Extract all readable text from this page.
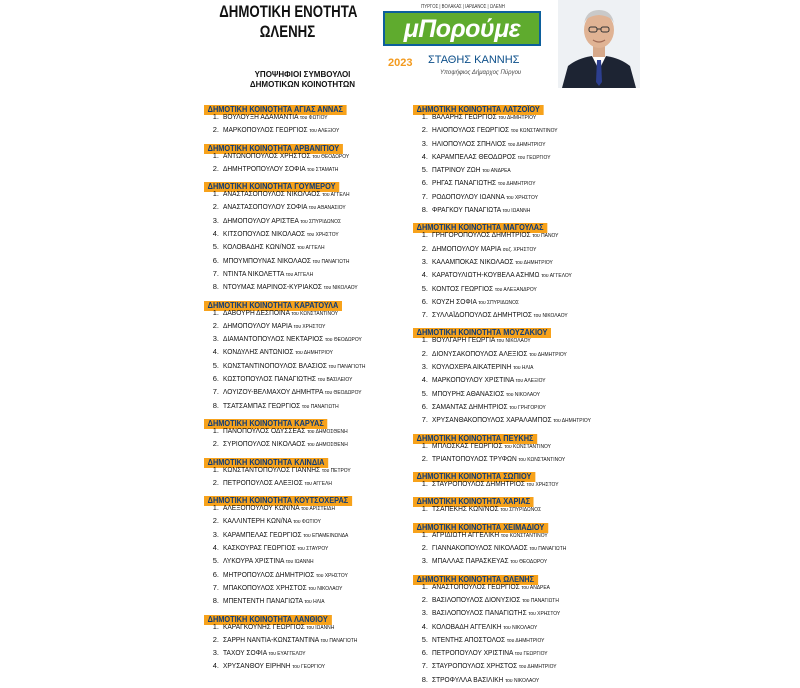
ΔΗΜΟΤΙΚΗ ΕΝΟΤΗΤΑ
ΩΛΕΝΗΣ
ΥΠΟΨΗΦΙΟΙ ΣΥΜΒΟΥΛΟΙ
ΔΗΜΟΤΙΚΩΝ ΚΟΙΝΟΤΗΤΩΝ
ΠΥΡΓΟΣ | ΒΟΛΑΚΑΣ | ΙΑΡΔΑΝΟΣ | ΩΛΕΝΗ
μΠορούμε
2023 ΣΤΑΘΗΣ ΚΑΝΝΗΣ
Υποψήφιος Δήμαρχος Πύργου
ΔΗΜΟΤΙΚΗ ΚΟΙΝΟΤΗΤΑ ΑΓΙΑΣ ΑΝΝΑΣ
1. ΒΟΥΛΟΥΞΗ ΑΔΑΜΑΝΤΙΑ του ΦΩΤΙΟΥ
2. ΜΑΡΚΟΠΟΥΛΟΣ ΓΕΩΡΓΙΟΣ του ΑΛΕΞΙΟΥ
ΔΗΜΟΤΙΚΗ ΚΟΙΝΟΤΗΤΑ ΑΡΒΑΝΙΤΙΟΥ
1. ΑΝΤΩΝΟΠΟΥΛΟΣ ΧΡΗΣΤΟΣ του ΘΕΟΔΩΡΟΥ
2. ΔΗΜΗΤΡΟΠΟΥΛΟΥ ΣΟΦΙΑ του ΣΤΑΜΑΤΗ
ΔΗΜΟΤΙΚΗ ΚΟΙΝΟΤΗΤΑ ΓΟΥΜΕΡΟΥ
1. ΑΝΑΣΤΑΣΟΠΟΥΛΟΣ ΝΙΚΟΛΑΟΣ του ΑΓΓΕΛΗ
2. ΑΝΑΣΤΑΣΟΠΟΥΛΟΥ ΣΟΦΙΑ του ΑΘΑΝΑΣΙΟΥ
3. ΔΗΜΟΠΟΥΛΟΥ ΑΡΙΣΤΕΑ του ΣΠΥΡΙΔΩΝΟΣ
4. ΚΙΤΣΟΠΟΥΛΟΣ ΝΙΚΟΛΑΟΣ του ΧΡΗΣΤΟΥ
5. ΚΟΛΟΒΑΔΗΣ ΚΩΝ/ΝΟΣ του ΑΓΓΕΛΗ
6. ΜΠΟΥΜΠΟΥΝΑΣ ΝΙΚΟΛΑΟΣ του ΠΑΝΑΓΙΩΤΗ
7. ΝΤΙΝΤΑ ΝΙΚΟΛΕΤΤΑ του ΑΓΓΕΛΗ
8. ΝΤΟΥΜΑΣ ΜΑΡΙΝΟΣ-ΚΥΡΙΑΚΟΣ του ΝΙΚΟΛΑΟΥ
ΔΗΜΟΤΙΚΗ ΚΟΙΝΟΤΗΤΑ ΚΑΡΑΤΟΥΛΑ
1. ΔΑΒΟΥΡΗ ΔΕΣΠΟΙΝΑ του ΚΩΝΣΤΑΝΤΙΝΟΥ
2. ΔΗΜΟΠΟΥΛΟΥ ΜΑΡΙΑ του ΧΡΗΣΤΟΥ
3. ΔΙΑΜΑΝΤΟΠΟΥΛΟΣ ΝΕΚΤΑΡΙΟΣ του ΘΕΟΔΩΡΟΥ
4. ΚΟΝΔΥΛΗΣ ΑΝΤΩΝΙΟΣ του ΔΗΜΗΤΡΙΟΥ
5. ΚΩΝΣΤΑΝΤΙΝΟΠΟΥΛΟΣ ΒΛΑΣΙΟΣ του ΠΑΝΑΓΙΩΤΗ
6. ΚΩΣΤΟΠΟΥΛΟΣ ΠΑΝΑΓΙΩΤΗΣ του ΒΑΣΙΛΕΙΟΥ
7. ΛΟΥΙΖΟΥ-ΒΕΛΜΑΧΟΥ ΔΗΜΗΤΡΑ του ΘΕΟΔΩΡΟΥ
8. ΤΣΑΤΣΑΜΠΑΣ ΓΕΩΡΓΙΟΣ του ΠΑΝΑΓΙΩΤΗ
ΔΗΜΟΤΙΚΗ ΚΟΙΝΟΤΗΤΑ ΚΑΡΥΑΣ
1. ΠΑΝΟΠΟΥΛΟΣ ΟΔΥΣΣΕΑΣ του ΔΗΜΟΣΘΕΝΗ
2. ΣΥΡΙΟΠΟΥΛΟΣ ΝΙΚΟΛΑΟΣ του ΔΗΜΟΣΘΕΝΗ
ΔΗΜΟΤΙΚΗ ΚΟΙΝΟΤΗΤΑ ΚΛΙΝΔΙΑ
1. ΚΩΝΣΤΑΝΤΟΠΟΥΛΟΣ ΓΙΑΝΝΗΣ του ΠΕΤΡΟΥ
2. ΠΕΤΡΟΠΟΥΛΟΣ ΑΛΕΞΙΟΣ του ΑΓΓΕΛΗ
ΔΗΜΟΤΙΚΗ ΚΟΙΝΟΤΗΤΑ ΚΟΥΤΣΟΧΕΡΑΣ
1. ΑΛΕΞΟΠΟΥΛΟΥ ΚΩΝ/ΝΑ του ΑΡΙΣΤΕΙΔΗ
2. ΚΑΛΛΙΝΤΕΡΗ ΚΩΝ/ΝΑ του ΦΩΤΙΟΥ
3. ΚΑΡΑΜΠΕΛΑΣ ΓΕΩΡΓΙΟΣ του ΕΠΑΜΕΙΝΩΝΔΑ
4. ΚΑΣΚΟΥΡΑΣ ΓΕΩΡΓΙΟΣ του ΣΤΑΥΡΟΥ
5. ΛΥΚΟΥΡΑ ΧΡΙΣΤΙΝΑ του ΙΩΑΝΝΗ
6. ΜΗΤΡΟΠΟΥΛΟΣ ΔΗΜΗΤΡΙΟΣ του ΧΡΗΣΤΟΥ
7. ΜΠΑΚΟΠΟΥΛΟΣ ΧΡΗΣΤΟΣ του ΝΙΚΟΛΑΟΥ
8. ΜΠΕΝΤΕΝΤΗ ΠΑΝΑΓΙΩΤΑ του ΗΛΙΑ
ΔΗΜΟΤΙΚΗ ΚΟΙΝΟΤΗΤΑ ΛΑΝΘΙΟΥ
1. ΚΑΡΑΓΚΟΥΝΗΣ ΓΕΩΡΓΙΟΣ του ΙΩΑΝΝΗ
2. ΣΑΡΡΗ ΝΑΝΤΙΑ-ΚΩΝΣΤΑΝΤΙΝΑ του ΠΑΝΑΓΙΩΤΗ
3. ΤΑΧΟΥ ΣΟΦΙΑ του ΕΥΑΓΓΕΛΟΥ
4. ΧΡΥΣΑΝΘΟΥ ΕΙΡΗΝΗ του ΓΕΩΡΓΙΟΥ
ΔΗΜΟΤΙΚΗ ΚΟΙΝΟΤΗΤΑ ΛΑΤΖΟΪΟΥ
1. ΒΑΛΑΡΗΣ ΓΕΩΡΓΙΟΣ του ΔΗΜΗΤΡΙΟΥ
2. ΗΛΙΟΠΟΥΛΟΣ ΓΕΩΡΓΙΟΣ του ΚΩΝΣΤΑΝΤΙΝΟΥ
3. ΗΛΙΟΠΟΥΛΟΣ ΣΠΗΛΙΟΣ του ΔΗΜΗΤΡΙΟΥ
4. ΚΑΡΑΜΠΕΛΑΣ ΘΕΟΔΩΡΟΣ του ΓΕΩΡΓΙΟΥ
5. ΠΑΤΡΙΝΟΥ ΖΩΗ του ΑΝΔΡΕΑ
6. ΡΗΓΑΣ ΠΑΝΑΓΙΩΤΗΣ του ΔΗΜΗΤΡΙΟΥ
7. ΡΟΔΟΠΟΥΛΟΥ ΙΩΑΝΝΑ του ΧΡΗΣΤΟΥ
8. ΦΡΑΓΚΟΥ ΠΑΝΑΓΙΩΤΑ του ΙΩΑΝΝΗ
ΔΗΜΟΤΙΚΗ ΚΟΙΝΟΤΗΤΑ ΜΑΓΟΥΛΑΣ
1. ΓΡΗΓΟΡΟΠΟΥΛΟΣ ΔΗΜΗΤΡΙΟΣ του ΠΑΝΟΥ
2. ΔΗΜΟΠΟΥΛΟΥ ΜΑΡΙΑ συζ. ΧΡΗΣΤΟΥ
3. ΚΑΛΑΜΠΟΚΑΣ ΝΙΚΟΛΑΟΣ του ΔΗΜΗΤΡΙΟΥ
4. ΚΑΡΑΤΟΥΛΙΩΤΗ-ΚΟΥΒΕΛΑ ΑΣΗΜΩ του ΑΓΓΕΛΟΥ
5. ΚΟΝΤΟΣ ΓΕΩΡΓΙΟΣ του ΑΛΕΞΑΝΔΡΟΥ
6. ΚΟΥΖΗ ΣΟΦΙΑ του ΣΠΥΡΙΔΩΝΟΣ
7. ΣΥΛΛΑΪΔΟΠΟΥΛΟΣ ΔΗΜΗΤΡΙΟΣ του ΝΙΚΟΛΑΟΥ
ΔΗΜΟΤΙΚΗ ΚΟΙΝΟΤΗΤΑ ΜΟΥΖΑΚΙΟΥ
1. ΒΟΥΛΓΑΡΗ ΓΕΩΡΓΙΑ του ΝΙΚΟΛΑΟΥ
2. ΔΙΟΝΥΣΑΚΟΠΟΥΛΟΣ ΑΛΕΞΙΟΣ του ΔΗΜΗΤΡΙΟΥ
3. ΚΟΥΛΟΧΕΡΑ ΑΙΚΑΤΕΡΙΝΗ του ΗΛΙΑ
4. ΜΑΡΚΟΠΟΥΛΟΥ ΧΡΙΣΤΙΝΑ του ΑΛΕΞΙΟΥ
5. ΜΠΟΥΡΗΣ ΑΘΑΝΑΣΙΟΣ του ΝΙΚΟΛΑΟΥ
6. ΣΑΜΑΝΤΑΣ ΔΗΜΗΤΡΙΟΣ του ΓΡΗΓΟΡΙΟΥ
7. ΧΡΥΣΑΝΘΑΚΟΠΟΥΛΟΣ ΧΑΡΑΛΑΜΠΟΣ του ΔΗΜΗΤΡΙΟΥ
ΔΗΜΟΤΙΚΗ ΚΟΙΝΟΤΗΤΑ ΠΕΥΚΗΣ
1. ΜΠΛΟΣΚΑΣ ΓΕΩΡΓΙΟΣ του ΚΩΝΣΤΑΝΤΙΝΟΥ
2. ΤΡΙΑΝΤΟΠΟΥΛΟΣ ΤΡΥΦΩΝ του ΚΩΝΣΤΑΝΤΙΝΟΥ
ΔΗΜΟΤΙΚΗ ΚΟΙΝΟΤΗΤΑ ΣΩΠΙΟΥ
1. ΣΤΑΥΡΟΠΟΥΛΟΣ ΔΗΜΗΤΡΙΟΣ του ΧΡΗΣΤΟΥ
ΔΗΜΟΤΙΚΗ ΚΟΙΝΟΤΗΤΑ ΧΑΡΙΑΣ
1. ΤΣΑΠΕΚΗΣ ΚΩΝ/ΝΟΣ του ΣΠΥΡΙΔΩΝΟΣ
ΔΗΜΟΤΙΚΗ ΚΟΙΝΟΤΗΤΑ ΧΕΙΜΑΔΙΟΥ
1. ΑΓΡΙΔΙΩΤΗ ΑΓΓΕΛΙΚΗ του ΚΩΝΣΤΑΝΤΙΝΟΥ
2. ΓΙΑΝΝΑΚΟΠΟΥΛΟΣ ΝΙΚΟΛΑΟΣ του ΠΑΝΑΓΙΩΤΗ
3. ΜΠΑΛΛΑΣ ΠΑΡΑΣΚΕΥΑΣ του ΘΕΟΔΩΡΟΥ
ΔΗΜΟΤΙΚΗ ΚΟΙΝΟΤΗΤΑ ΩΛΕΝΗΣ
1. ΑΝΑΣΤΟΠΟΥΛΟΣ ΓΕΩΡΓΙΟΣ του ΑΝΔΡΕΑ
2. ΒΑΣΙΛΟΠΟΥΛΟΣ ΔΙΟΝΥΣΙΟΣ του ΠΑΝΑΓΙΩΤΗ
3. ΒΑΣΙΛΟΠΟΥΛΟΣ ΠΑΝΑΓΙΩΤΗΣ του ΧΡΗΣΤΟΥ
4. ΚΟΛΟΒΑΔΗ ΑΓΓΕΛΙΚΗ του ΝΙΚΟΛΑΟΥ
5. ΝΤΕΝΤΗΣ ΑΠΟΣΤΟΛΟΣ του ΔΗΜΗΤΡΙΟΥ
6. ΠΕΤΡΟΠΟΥΛΟΥ ΧΡΙΣΤΙΝΑ του ΓΕΩΡΓΙΟΥ
7. ΣΤΑΥΡΟΠΟΥΛΟΣ ΧΡΗΣΤΟΣ του ΔΗΜΗΤΡΙΟΥ
8. ΣΤΡΟΦΥΛΛΑ ΒΑΣΙΛΙΚΗ του ΝΙΚΟΛΑΟΥ
